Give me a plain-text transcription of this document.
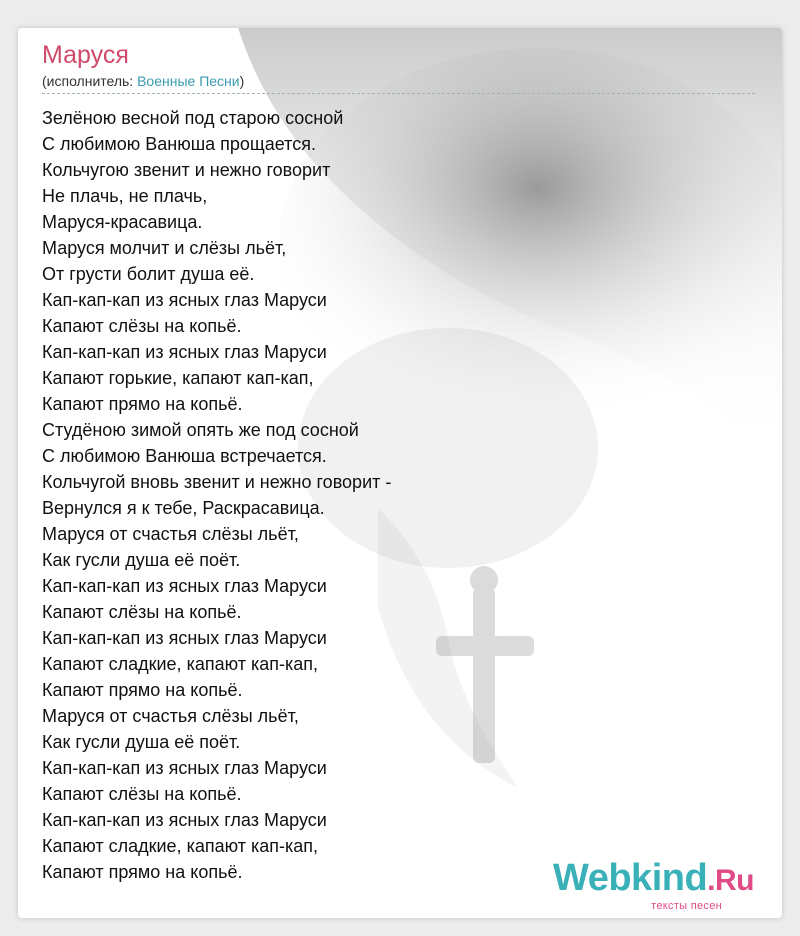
Маруся
(исполнитель: Военные Песни)
Зелёною весной под старою сосной
С любимою Ванюша прощается.
Кольчугою звенит и нежно говорит
Не плачь, не плачь,
Маруся-красавица.
Маруся молчит и слёзы льёт,
От грусти болит душа её.
Кап-кап-кап из ясных глаз Маруси
Капают слёзы на копьё.
Кап-кап-кап из ясных глаз Маруси
Капают горькие, капают кап-кап,
Капают прямо на копьё.
Студёною зимой опять же под сосной
С любимою Ванюша встречается.
Кольчугой вновь звенит и нежно говорит -
Вернулся я к тебе, Раскрасавица.
Маруся от счастья слёзы льёт,
Как гусли душа её поёт.
Кап-кап-кап из ясных глаз Маруси
Капают слёзы на копьё.
Кап-кап-кап из ясных глаз Маруси
Капают сладкие, капают кап-кап,
Капают прямо на копьё.
Маруся от счастья слёзы льёт,
Как гусли душа её поёт.
Кап-кап-кап из ясных глаз Маруси
Капают слёзы на копьё.
Кап-кап-кап из ясных глаз Маруси
Капают сладкие, капают кап-кап,
Капают прямо на копьё.	Webkind.Ru
тексты песен
